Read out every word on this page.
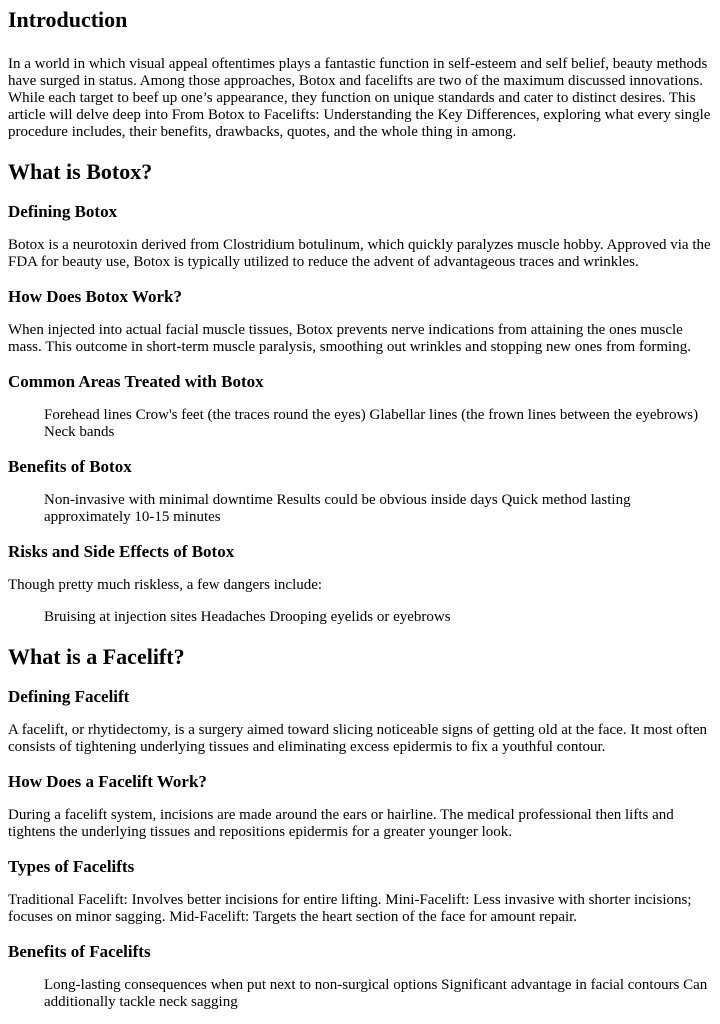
Introduction

In a world in which visual appeal oftentimes plays a fantastic function in self-esteem and self belief, beauty methods have surged in status. Among those approaches, Botox and facelifts are two of the maximum discussed innovations. While each target to beef up one’s appearance, they function on unique standards and cater to distinct desires. This article will delve deep into From Botox to Facelifts: Understanding the Key Differences, exploring what every single procedure includes, their benefits, drawbacks, quotes, and the whole thing in among.

What is Botox?
Defining Botox

Botox is a neurotoxin derived from Clostridium botulinum, which quickly paralyzes muscle hobby. Approved via the FDA for beauty use, Botox is typically utilized to reduce the advent of advantageous traces and wrinkles.

How Does Botox Work?

When injected into actual facial muscle tissues, Botox prevents nerve indications from attaining the ones muscle mass. This outcome in short-term muscle paralysis, smoothing out wrinkles and stopping new ones from forming.

Common Areas Treated with Botox
Forehead lines Crow's feet (the traces round the eyes) Glabellar lines (the frown lines between the eyebrows) Neck bands
Benefits of Botox
Non-invasive with minimal downtime Results could be obvious inside days Quick method lasting approximately 10-15 minutes
Risks and Side Effects of Botox

Though pretty much riskless, a few dangers include:

Bruising at injection sites Headaches Drooping eyelids or eyebrows
What is a Facelift?
Defining Facelift

A facelift, or rhytidectomy, is a surgery aimed toward slicing noticeable signs of getting old at the face. It most often consists of tightening underlying tissues and eliminating excess epidermis to fix a youthful contour.

How Does a Facelift Work?

During a facelift system, incisions are made around the ears or hairline. The medical professional then lifts and tightens the underlying tissues and repositions epidermis for a greater younger look.

Types of Facelifts

Traditional Facelift: Involves better incisions for entire lifting. Mini-Facelift: Less invasive with shorter incisions; focuses on minor sagging. Mid-Facelift: Targets the heart section of the face for amount repair.

Benefits of Facelifts
Long-lasting consequences when put next to non-surgical options Significant advantage in facial contours Can additionally tackle neck sagging
